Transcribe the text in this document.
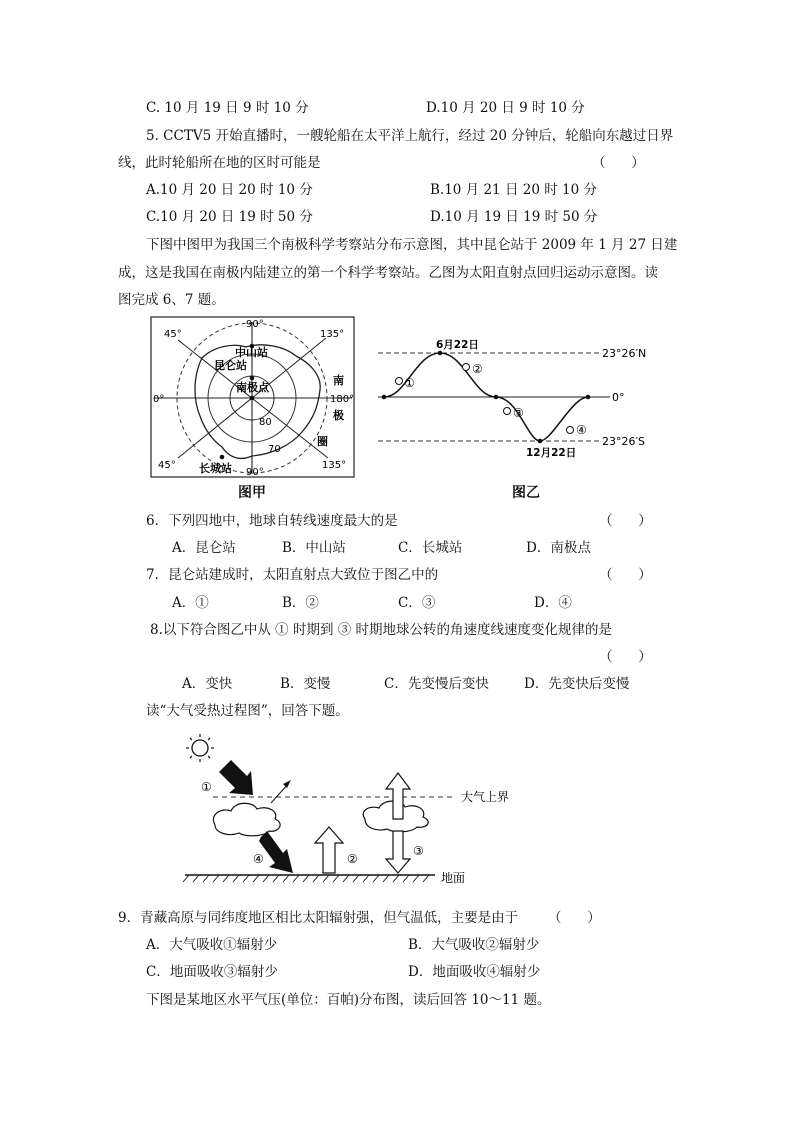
C. 10 月 19 日 9 时 10 分	D.10 月 20 日 9 时 10 分
5. CCTV5 开始直播时，一艘轮船在太平洋上航行，经过 20 分钟后，轮船向东越过日界
线，此时轮船所在地的区时可能是	（      ）
A.10 月 20 日 20 时 10 分	B.10 月 21 日 20 时 10 分
C.10 月 20 日 19 时 50 分	D.10 月 19 日 19 时 50 分
下图中图甲为我国三个南极科学考察站分布示意图，其中昆仑站于 2009 年 1 月 27 日建
成，这是我国在南极内陆建立的第一个科学考察站。乙图为太阳直射点回归运动示意图。读
图完成 6、7 题。
90°
45°	135°
0°	180°
45°
90°
135°
中山站
昆仑站
南极点
长城站
80
70
南
极
圈
图甲
①
②
③
④
6月22日
12月22日
23°26′N
0°
23°26′S
图乙
6．下列四地中，地球自转线速度最大的是	（      ）
A．昆仑站	B．中山站	C．长城站	D．南极点
7．昆仑站建成时，太阳直射点大致位于图乙中的	（      ）
A．①	B．②	C．③	D．④
8.以下符合图乙中从 ① 时期到 ③ 时期地球公转的角速度线速度变化规律的是
（      ）
A．变快	B．变慢	C．先变慢后变快	D．先变快后变慢
读“大气受热过程图”，回答下题。
大气上界
①
④	②
③
地面
9．青藏高原与同纬度地区相比太阳辐射强，但气温低，主要是由于 （      ）
A．大气吸收①辐射少	B．大气吸收②辐射少
C．地面吸收③辐射少	D．地面吸收④辐射少
下图是某地区水平气压(单位：百帕)分布图，读后回答 10～11 题。
